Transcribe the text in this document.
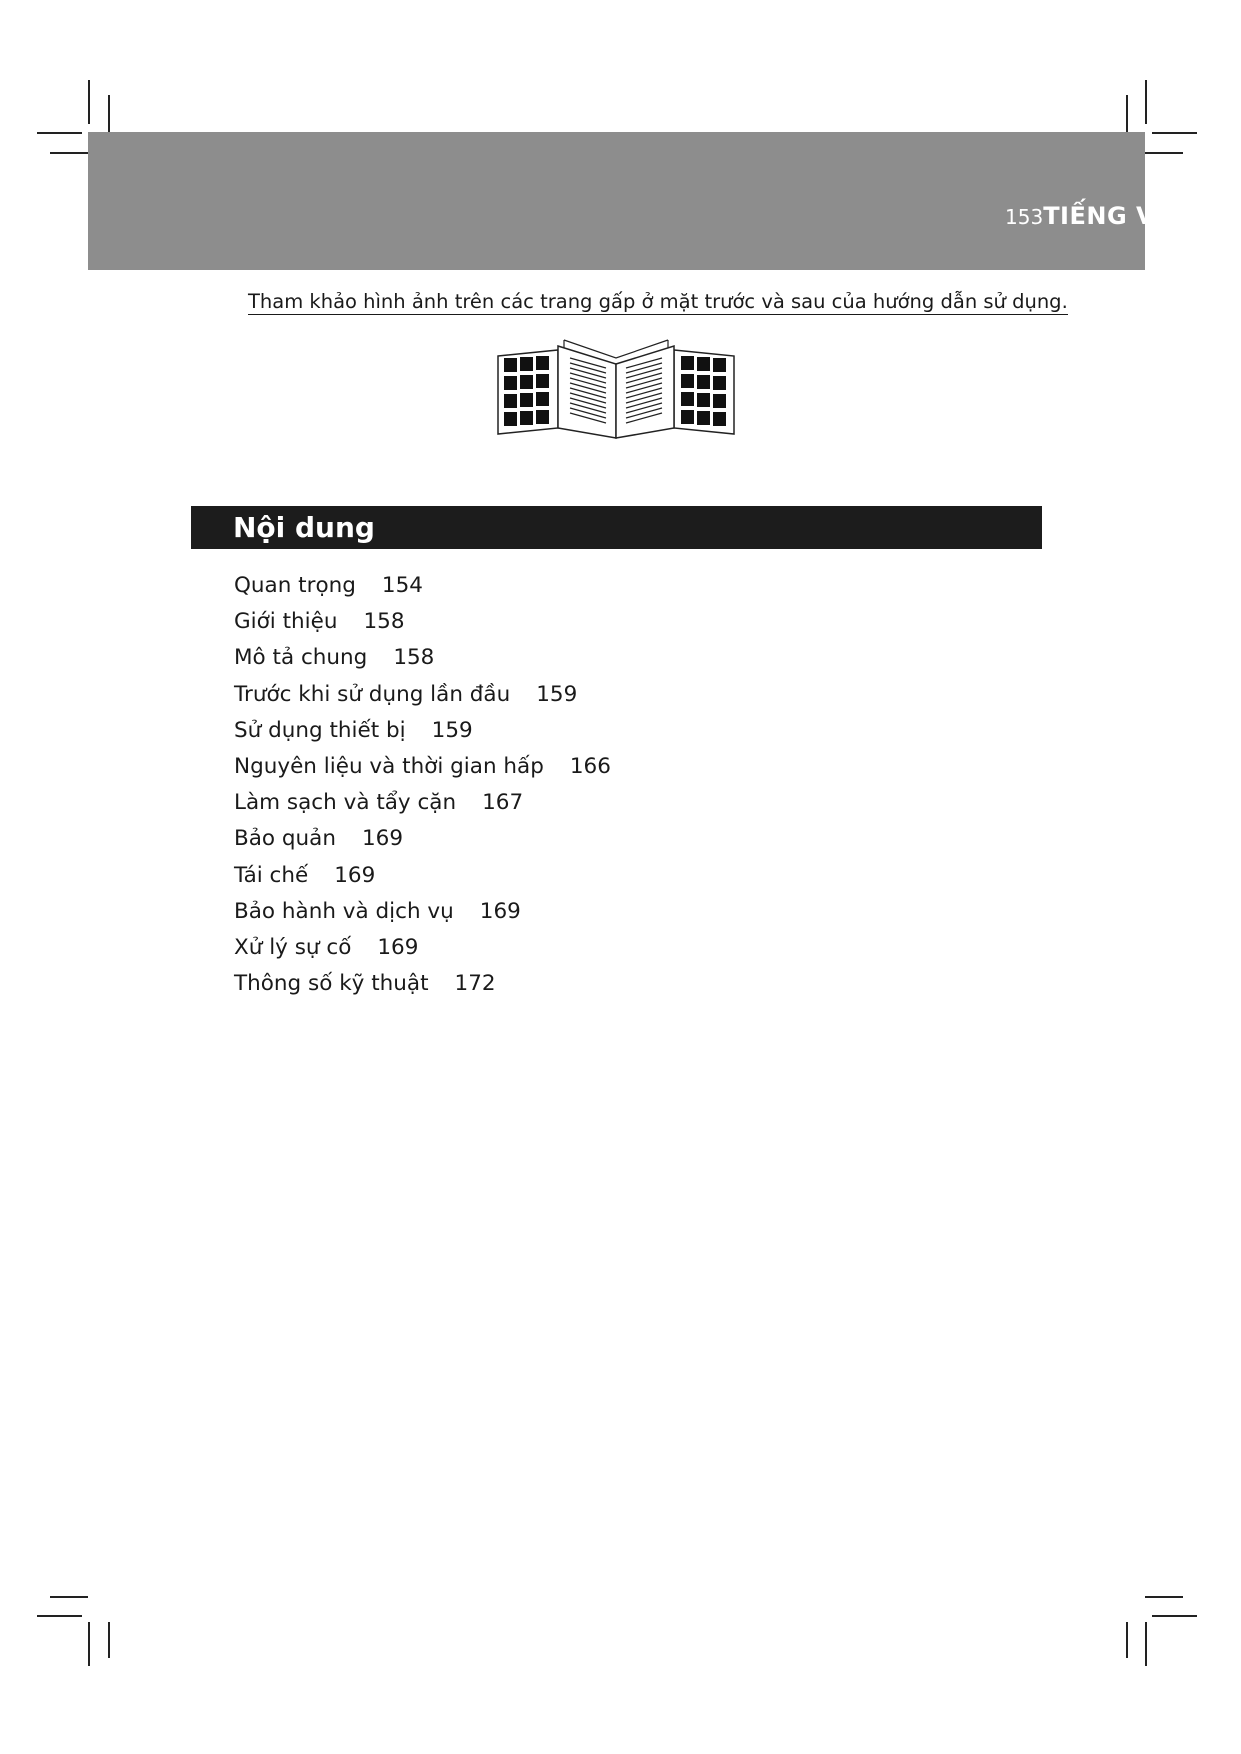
153TIẾNG VIỆT
Tham khảo hình ảnh trên các trang gấp ở mặt trước và sau của hướng dẫn sử dụng.
Nội dung
Quan trọng 154
Giới thiệu 158
Mô tả chung 158
Trước khi sử dụng lần đầu 159
Sử dụng thiết bị 159
Nguyên liệu và thời gian hấp 166
Làm sạch và tẩy cặn 167
Bảo quản 169
Tái chế 169
Bảo hành và dịch vụ 169
Xử lý sự cố 169
Thông số kỹ thuật 172
